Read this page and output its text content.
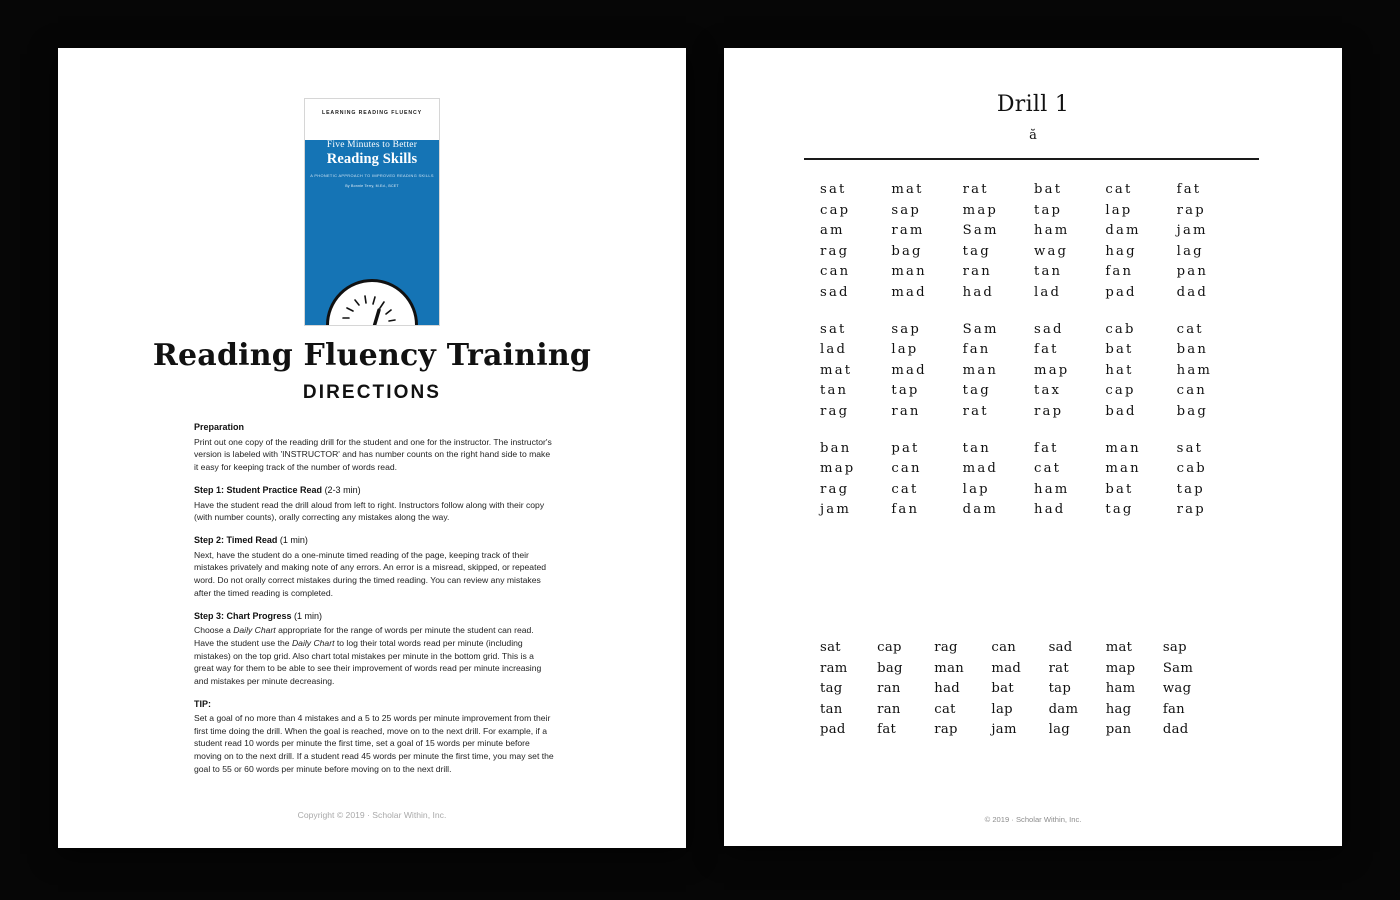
LEARNING READING FLUENCY
Five Minutes to Better
Reading Skills
A PHONETIC APPROACH TO IMPROVED READING SKILLS
By Bonnie Terry, M.Ed., BCET
Reading Fluency Training
DIRECTIONS

Preparation

Print out one copy of the reading drill for the student and one for the instructor. The instructor's version is labeled with 'INSTRUCTOR' and has number counts on the right hand side to make it easy for keeping track of the number of words read.

Step 1: Student Practice Read (2-3 min)

Have the student read the drill aloud from left to right. Instructors follow along with their copy (with number counts), orally correcting any mistakes along the way.

Step 2: Timed Read (1 min)

Next, have the student do a one-minute timed reading of the page, keeping track of their mistakes privately and making note of any errors. An error is a misread, skipped, or repeated word. Do not orally correct mistakes during the timed reading. You can review any mistakes after the timed reading is completed.

Step 3: Chart Progress (1 min)

Choose a Daily Chart appropriate for the range of words per minute the student can read. Have the student use the Daily Chart to log their total words read per minute (including mistakes) on the top grid. Also chart total mistakes per minute in the bottom grid. This is a great way for them to be able to see their improvement of words read per minute increasing and mistakes per minute decreasing.

TIP:

Set a goal of no more than 4 mistakes and a 5 to 25 words per minute improvement from their first time doing the drill. When the goal is reached, move on to the next drill. For example, if a student read 10 words per minute the first time, set a goal of 15 words per minute before moving on to the next drill. If a student read 45 words per minute the first time, you may set the goal to 55 or 60 words per minute before moving on to the next drill.

Copyright © 2019 · Scholar Within, Inc.
Drill 1
ă
sat	mat	rat	bat	cat	fat
cap	sap	map	tap	lap	rap
am	ram	Sam	ham	dam	jam
rag	bag	tag	wag	hag	lag
can	man	ran	tan	fan	pan
sad	mad	had	lad	pad	dad
sat	sap	Sam	sad	cab	cat
lad	lap	fan	fat	bat	ban
mat	mad	man	map	hat	ham
tan	tap	tag	tax	cap	can
rag	ran	rat	rap	bad	bag
ban	pat	tan	fat	man	sat
map	can	mad	cat	man	cab
rag	cat	lap	ham	bat	tap
jam	fan	dam	had	tag	rap
sat	cap	rag	can	sad	mat	sap
ram	bag	man	mad	rat	map	Sam
tag	ran	had	bat	tap	ham	wag
tan	ran	cat	lap	dam	hag	fan
pad	fat	rap	jam	lag	pan	dad
© 2019 · Scholar Within, Inc.
